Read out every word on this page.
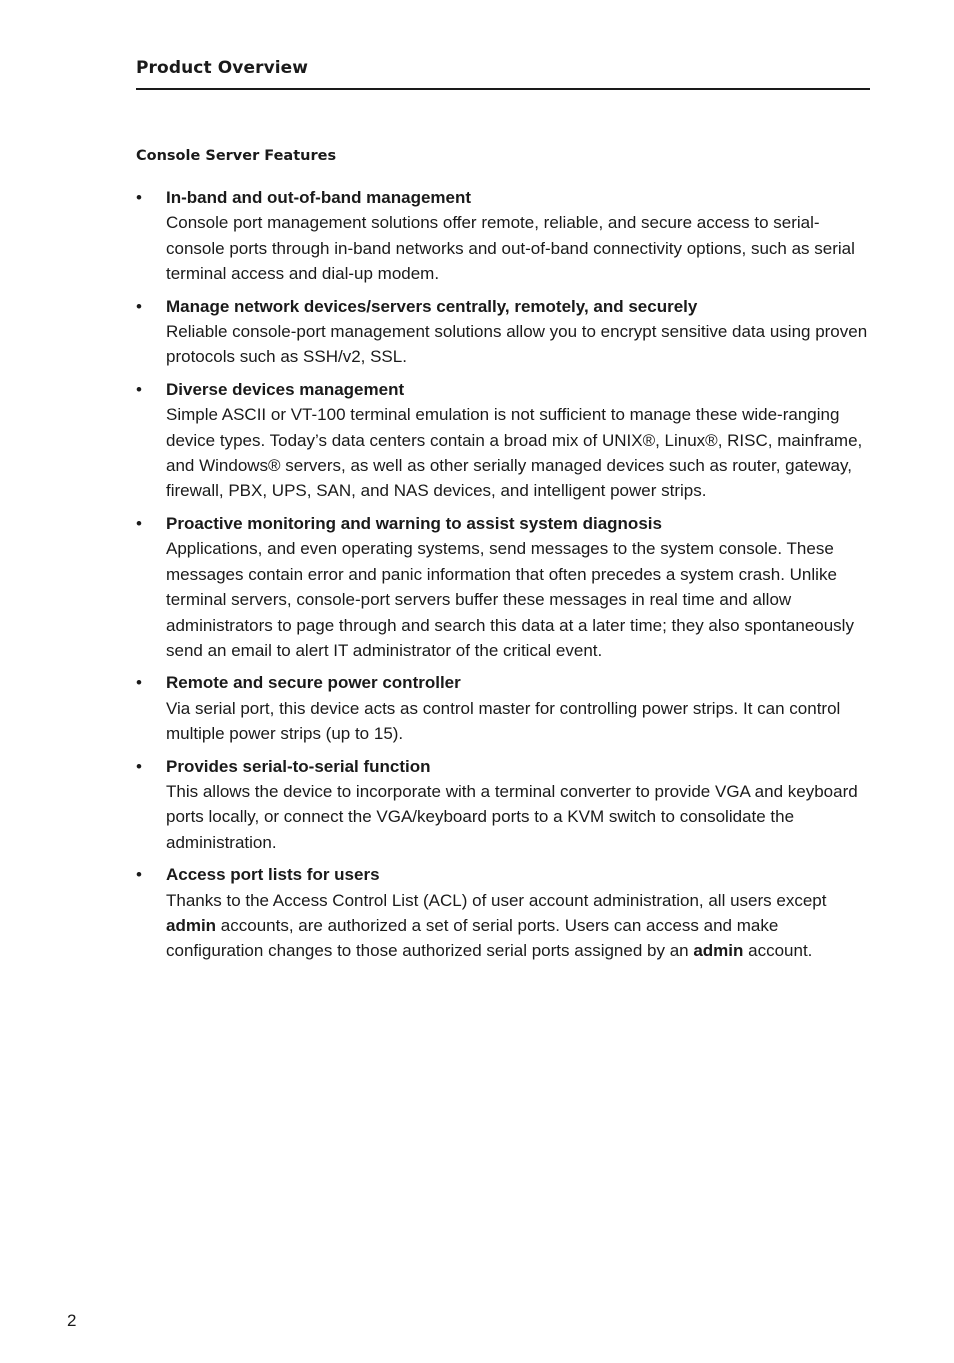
Product Overview
Console Server Features
• In-band and out-of-band management
Console port management solutions offer remote, reliable, and secure access to serial-console ports through in-band networks and out-of-band connectivity options, such as serial terminal access and dial-up modem.
• Manage network devices/servers centrally, remotely, and securely
Reliable console-port management solutions allow you to encrypt sensitive data using proven protocols such as SSH/v2, SSL.
• Diverse devices management
Simple ASCII or VT-100 terminal emulation is not sufficient to manage these wide-ranging device types. Today’s data centers contain a broad mix of UNIX®, Linux®, RISC, mainframe, and Windows® servers, as well as other serially managed devices such as router, gateway, firewall, PBX, UPS, SAN, and NAS devices, and intelligent power strips.
• Proactive monitoring and warning to assist system diagnosis
Applications, and even operating systems, send messages to the system console. These messages contain error and panic information that often precedes a system crash. Unlike terminal servers, console-port servers buffer these messages in real time and allow administrators to page through and search this data at a later time; they also spontaneously send an email to alert IT administrator of the critical event.
• Remote and secure power controller
Via serial port, this device acts as control master for controlling power strips. It can control multiple power strips (up to 15).
• Provides serial-to-serial function
This allows the device to incorporate with a terminal converter to provide VGA and keyboard ports locally, or connect the VGA/keyboard ports to a KVM switch to consolidate the administration.
• Access port lists for users
Thanks to the Access Control List (ACL) of user account administration, all users except admin accounts, are authorized a set of serial ports. Users can access and make configuration changes to those authorized serial ports assigned by an admin account.
2
